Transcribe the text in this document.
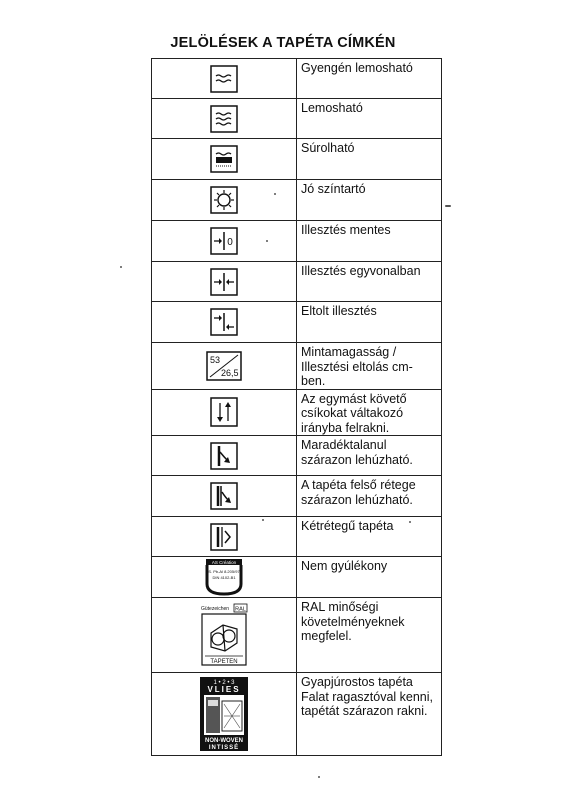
JELÖLÉSEK A TAPÉTA CÍMKÉN
	Gyengén lemosható

	Lemosható

	Súrolható

	Jó színtartó

0	Illesztés mentes

	Illesztés egyvonalban

	Eltolt illesztés

53
26,5	Mintamagasság / Illesztési eltolás cm-ben.

	Az egymást követő csíkokat váltakozó irányba felrakni.

	Maradéktalanul szárazon lehúzható.

	A tapéta felső rétege szárazon lehúzható.

	Kétrétegű tapéta

AS Création
S. Pb-Al 8.205/97
DIN 4102-B1	Nem gyúlékony

Gütezeichen RAL
TAPETEN	RAL minőségi követelményeknek megfelel.

1 • 2 • 3
VLIES
NON-WOVEN
INTISSÉ	Gyapjúrostos tapéta Falat ragasztóval kenni, tapétát szárazon rakni.
